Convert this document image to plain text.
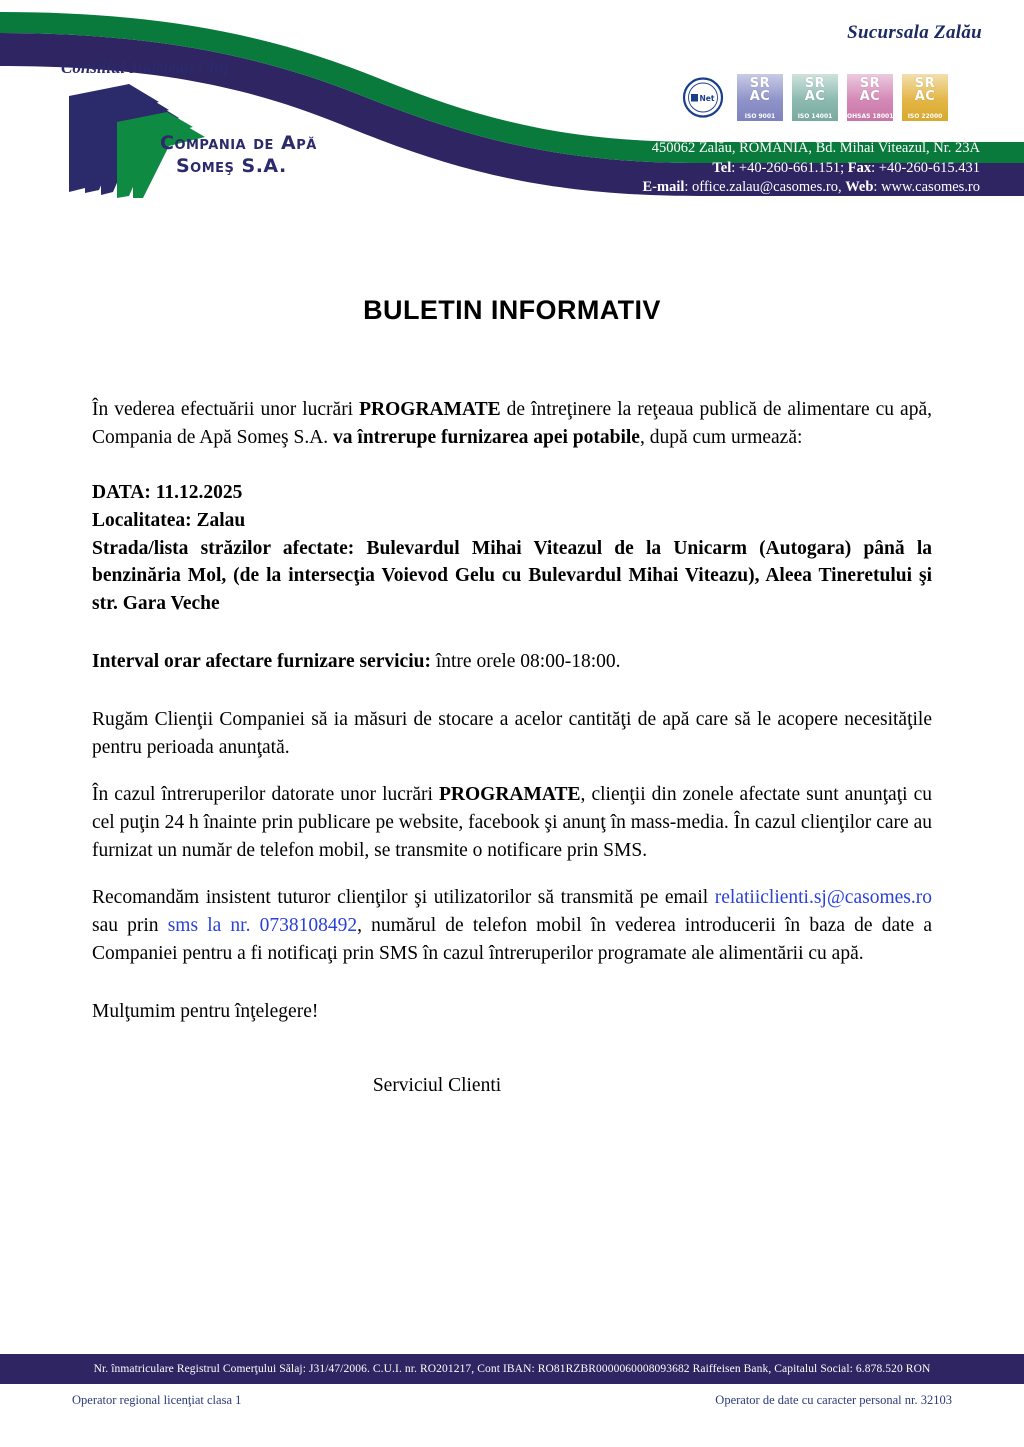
Sucursala Zalău
Net
SR
AC
ISO 9001
SR
AC
ISO 14001
SR
AC
OHSAS 18001
SR
AC
ISO 22000
450062 Zalău, ROMÂNIA, Bd. Mihai Viteazul, Nr. 23A
Tel: +40-260-661.151; Fax: +40-260-615.431
E-mail: office.zalau@casomes.ro, Web: www.casomes.ro
Consiliul Judeţean Cluj
Compania de Apă
Someş S.A.
BULETIN INFORMATIV

În vederea efectuării unor lucrări PROGRAMATE de întreţinere la reţeaua publică de alimentare cu apă, Compania de Apă Someş S.A. va întrerupe furnizarea apei potabile, după cum urmează:

DATA: 11.12.2025
Localitatea: Zalau
Strada/lista străzilor afectate: Bulevardul Mihai Viteazul de la Unicarm (Autogara) până la benzinăria Mol, (de la intersecţia Voievod Gelu cu Bulevardul Mihai Viteazu), Aleea Tineretului şi str. Gara Veche

Interval orar afectare furnizare serviciu: între orele 08:00-18:00.

Rugăm Clienţii Companiei să ia măsuri de stocare a acelor cantităţi de apă care să le acopere necesităţile pentru perioada anunţată.

În cazul întreruperilor datorate unor lucrări PROGRAMATE, clienţii din zonele afectate sunt anunţaţi cu cel puţin 24 h înainte prin publicare pe website, facebook şi anunţ în mass-media. În cazul clienţilor care au furnizat un număr de telefon mobil, se transmite o notificare prin SMS.

Recomandăm insistent tuturor clienţilor şi utilizatorilor să transmită pe email relatiiclienti.sj@casomes.ro sau prin sms la nr. 0738108492, numărul de telefon mobil în vederea introducerii în baza de date a Companiei pentru a fi notificaţi prin SMS în cazul întreruperilor programate ale alimentării cu apă.

Mulţumim pentru înţelegere!

Serviciul Clienti
Nr. înmatriculare Registrul Comerţului Sălaj: J31/47/2006. C.U.I. nr. RO201217, Cont IBAN: RO81RZBR0000060008093682 Raiffeisen Bank, Capitalul Social: 6.878.520 RON
Operator regional licenţiat clasa 1	Operator de date cu caracter personal nr. 32103
